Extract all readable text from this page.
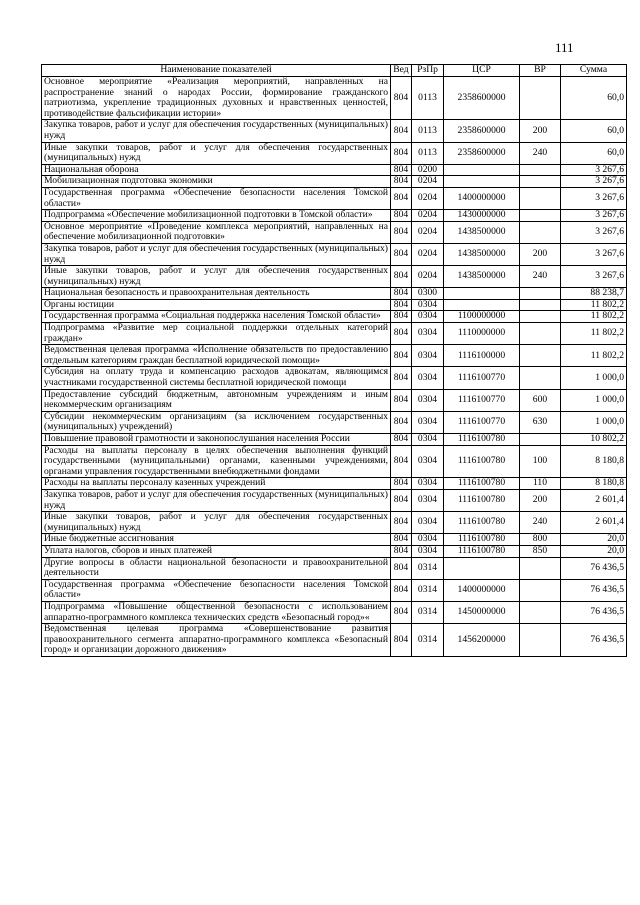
111
Наименование показателей	Вед	РзПр	ЦСР	ВР	Сумма
Основное мероприятие «Реализация мероприятий, направленных на распространение знаний о народах России, формирование гражданского патриотизма, укрепление традиционных духовных и нравственных ценностей, противодействие фальсификации истории»	804	0113	2358600000		60,0
Закупка товаров, работ и услуг для обеспечения государственных (муниципальных) нужд	804	0113	2358600000	200	60,0
Иные закупки товаров, работ и услуг для обеспечения государственных (муниципальных) нужд	804	0113	2358600000	240	60,0
Национальная оборона	804	0200			3 267,6
Мобилизационная подготовка экономики	804	0204			3 267,6
Государственная программа «Обеспечение безопасности населения Томской области»	804	0204	1400000000		3 267,6
Подпрограмма «Обеспечение мобилизационной подготовки в Томской области»	804	0204	1430000000		3 267,6
Основное мероприятие «Проведение комплекса мероприятий, направленных на обеспечение мобилизационной подготовки»	804	0204	1438500000		3 267,6
Закупка товаров, работ и услуг для обеспечения государственных (муниципальных) нужд	804	0204	1438500000	200	3 267,6
Иные закупки товаров, работ и услуг для обеспечения государственных (муниципальных) нужд	804	0204	1438500000	240	3 267,6
Национальная безопасность и правоохранительная деятельность	804	0300			88 238,7
Органы юстиции	804	0304			11 802,2
Государственная программа «Социальная поддержка населения Томской области»	804	0304	1100000000		11 802,2
Подпрограмма «Развитие мер социальной поддержки отдельных категорий граждан»	804	0304	1110000000		11 802,2
Ведомственная целевая программа «Исполнение обязательств по предоставлению отдельным категориям граждан бесплатной юридической помощи»	804	0304	1116100000		11 802,2
Субсидия на оплату труда и компенсацию расходов адвокатам, являющимся участниками государственной системы бесплатной юридической помощи	804	0304	1116100770		1 000,0
Предоставление субсидий бюджетным, автономным учреждениям и иным некоммерческим организациям	804	0304	1116100770	600	1 000,0
Субсидии некоммерческим организациям (за исключением государственных (муниципальных) учреждений)	804	0304	1116100770	630	1 000,0
Повышение правовой грамотности и законопослушания населения России	804	0304	1116100780		10 802,2
Расходы на выплаты персоналу в целях обеспечения выполнения функций государственными (муниципальными) органами, казенными учреждениями, органами управления государственными внебюджетными фондами	804	0304	1116100780	100	8 180,8
Расходы на выплаты персоналу казенных учреждений	804	0304	1116100780	110	8 180,8
Закупка товаров, работ и услуг для обеспечения государственных (муниципальных) нужд	804	0304	1116100780	200	2 601,4
Иные закупки товаров, работ и услуг для обеспечения государственных (муниципальных) нужд	804	0304	1116100780	240	2 601,4
Иные бюджетные ассигнования	804	0304	1116100780	800	20,0
Уплата налогов, сборов и иных платежей	804	0304	1116100780	850	20,0
Другие вопросы в области национальной безопасности и правоохранительной деятельности	804	0314			76 436,5
Государственная программа «Обеспечение безопасности населения Томской области»	804	0314	1400000000		76 436,5
Подпрограмма «Повышение общественной безопасности с использованием аппаратно-программного комплекса технических средств «Безопасный город»«	804	0314	1450000000		76 436,5
Ведомственная целевая программа «Совершенствование развития правоохранительного сегмента аппаратно-программного комплекса «Безопасный город» и организации дорожного движения»	804	0314	1456200000		76 436,5
